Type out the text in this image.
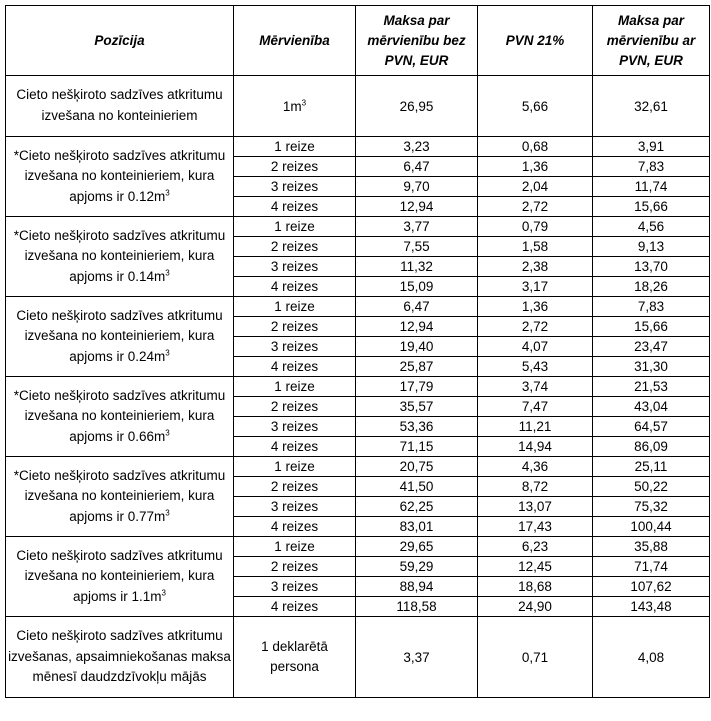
Pozīcija	Mērvienība	Maksa par mērvienību bez PVN, EUR	PVN 21%	Maksa par mērvienību ar PVN, EUR
Cieto nešķiroto sadzīves atkritumu izvešana no konteinieriem	$1m^3$	26,95	5,66	32,61
*Cieto nešķiroto sadzīves atkritumu izvešana no konteinieriem, kura apjoms ir $0.12m^3$	1 reize	3,23	0,68	3,91
	2 reizes	6,47	1,36	7,83
	3 reizes	9,70	2,04	11,74
	4 reizes	12,94	2,72	15,66
*Cieto nešķiroto sadzīves atkritumu izvešana no konteinieriem, kura apjoms ir $0.14m^3$	1 reize	3,77	0,79	4,56
	2 reizes	7,55	1,58	9,13
	3 reizes	11,32	2,38	13,70
	4 reizes	15,09	3,17	18,26
Cieto nešķiroto sadzīves atkritumu izvešana no konteinieriem, kura apjoms ir $0.24m^3$	1 reize	6,47	1,36	7,83
	2 reizes	12,94	2,72	15,66
	3 reizes	19,40	4,07	23,47
	4 reizes	25,87	5,43	31,30
*Cieto nešķiroto sadzīves atkritumu izvešana no konteinieriem, kura apjoms ir $0.66m^3$	1 reize	17,79	3,74	21,53
	2 reizes	35,57	7,47	43,04
	3 reizes	53,36	11,21	64,57
	4 reizes	71,15	14,94	86,09
*Cieto nešķiroto sadzīves atkritumu izvešana no konteinieriem, kura apjoms ir $0.77m^3$	1 reize	20,75	4,36	25,11
	2 reizes	41,50	8,72	50,22
	3 reizes	62,25	13,07	75,32
	4 reizes	83,01	17,43	100,44
Cieto nešķiroto sadzīves atkritumu izvešana no konteinieriem, kura apjoms ir $1.1m^3$	1 reize	29,65	6,23	35,88
	2 reizes	59,29	12,45	71,74
	3 reizes	88,94	18,68	107,62
	4 reizes	118,58	24,90	143,48
Cieto nešķiroto sadzīves atkritumu izvešanas, apsaimniekošanas maksa mēnesī daudzdzīvokļu mājās	1 deklarētā persona	3,37	0,71	4,08
